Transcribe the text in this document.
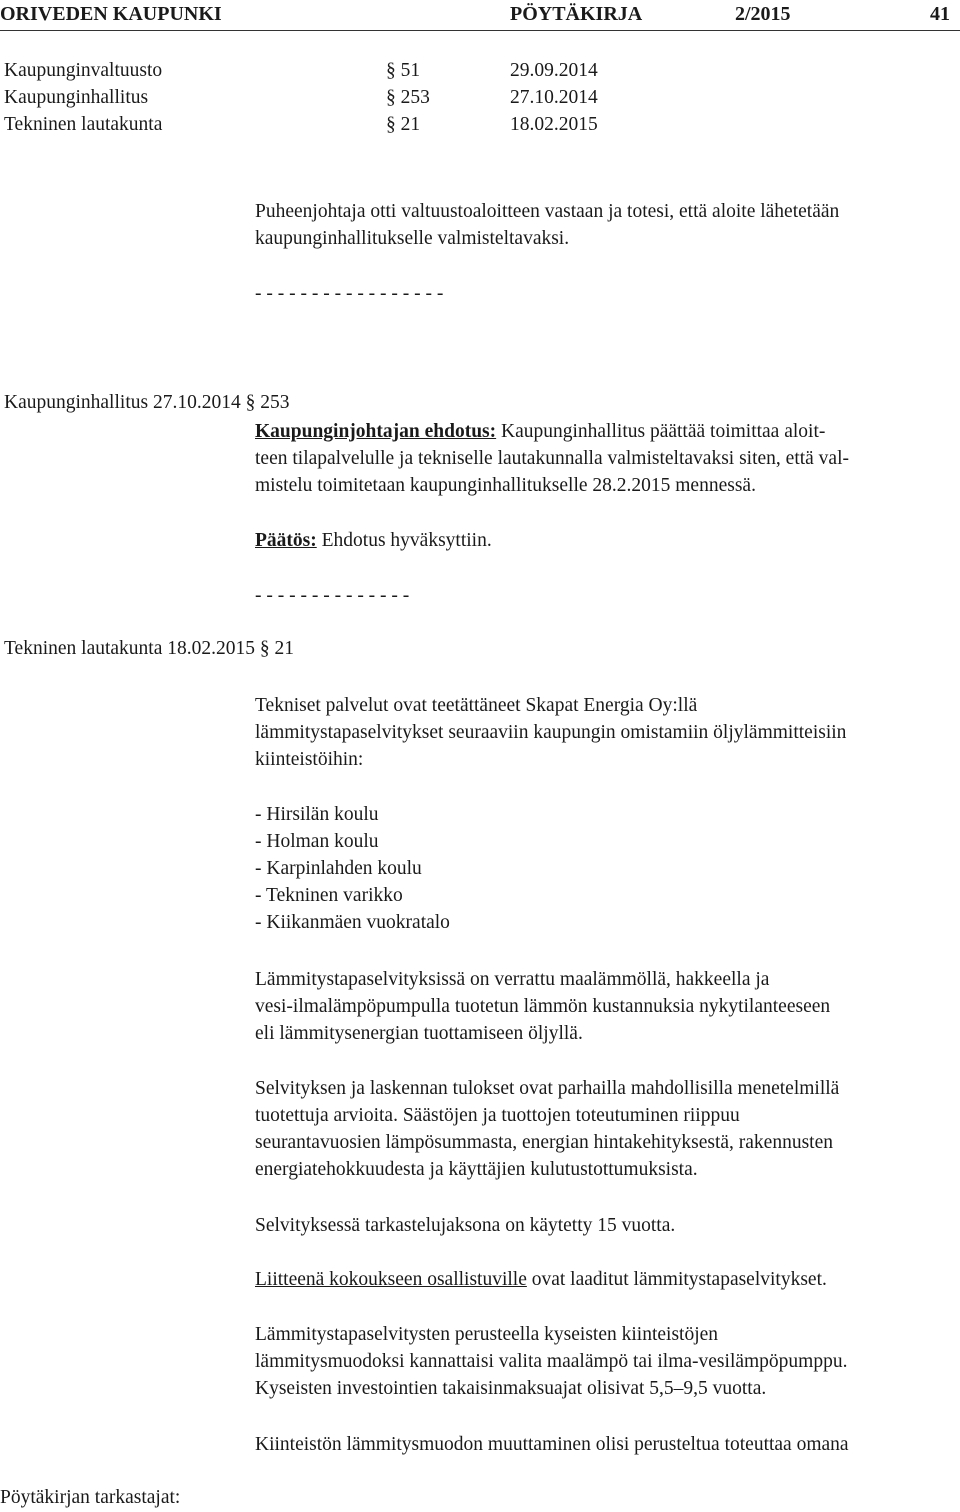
ORIVEDEN KAUPUNKI	PÖYTÄKIRJA	2/2015	41
Kaupunginvaltuusto	§ 51	29.09.2014
Kaupunginhallitus	§ 253	27.10.2014
Tekninen lautakunta	§ 21	18.02.2015

Puheenjohtaja otti valtuustoaloitteen vastaan ja totesi, että aloite lähetetään

kaupunginhallitukselle valmisteltavaksi.

- - - - - - - - - - - - - - - - -
Kaupunginhallitus 27.10.2014 § 253

Kaupunginjohtajan ehdotus: Kaupunginhallitus päättää toimittaa aloit-

teen tilapalvelulle ja tekniselle lautakunnalla valmisteltavaksi siten, että val-

mistelu toimitetaan kaupunginhallitukselle 28.2.2015 mennessä.

Päätös: Ehdotus hyväksyttiin.
- - - - - - - - - - - - - -
Tekninen lautakunta 18.02.2015 § 21

Tekniset palvelut ovat teetättäneet Skapat Energia Oy:llä

lämmitystapaselvitykset seuraaviin kaupungin omistamiin öljylämmitteisiin

kiinteistöihin:

- Hirsilän koulu

- Holman koulu

- Karpinlahden koulu

- Tekninen varikko

- Kiikanmäen vuokratalo

Lämmitystapaselvityksissä on verrattu maalämmöllä, hakkeella ja

vesi-ilmalämpöpumpulla tuotetun lämmön kustannuksia nykytilanteeseen

eli lämmitysenergian tuottamiseen öljyllä.

Selvityksen ja laskennan tulokset ovat parhailla mahdollisilla menetelmillä

tuotettuja arvioita. Säästöjen ja tuottojen toteutuminen riippuu

seurantavuosien lämpösummasta, energian hintakehityksestä, rakennusten

energiatehokkuudesta ja käyttäjien kulutustottumuksista.

Selvityksessä tarkastelujaksona on käytetty 15 vuotta.
Liitteenä kokoukseen osallistuville ovat laaditut lämmitystapaselvitykset.

Lämmitystapaselvitysten perusteella kyseisten kiinteistöjen

lämmitysmuodoksi kannattaisi valita maalämpö tai ilma-vesilämpöpumppu.

Kyseisten investointien takaisinmaksuajat olisivat 5,5–9,5 vuotta.

Kiinteistön lämmitysmuodon muuttaminen olisi perusteltua toteuttaa omana
Pöytäkirjan tarkastajat:
